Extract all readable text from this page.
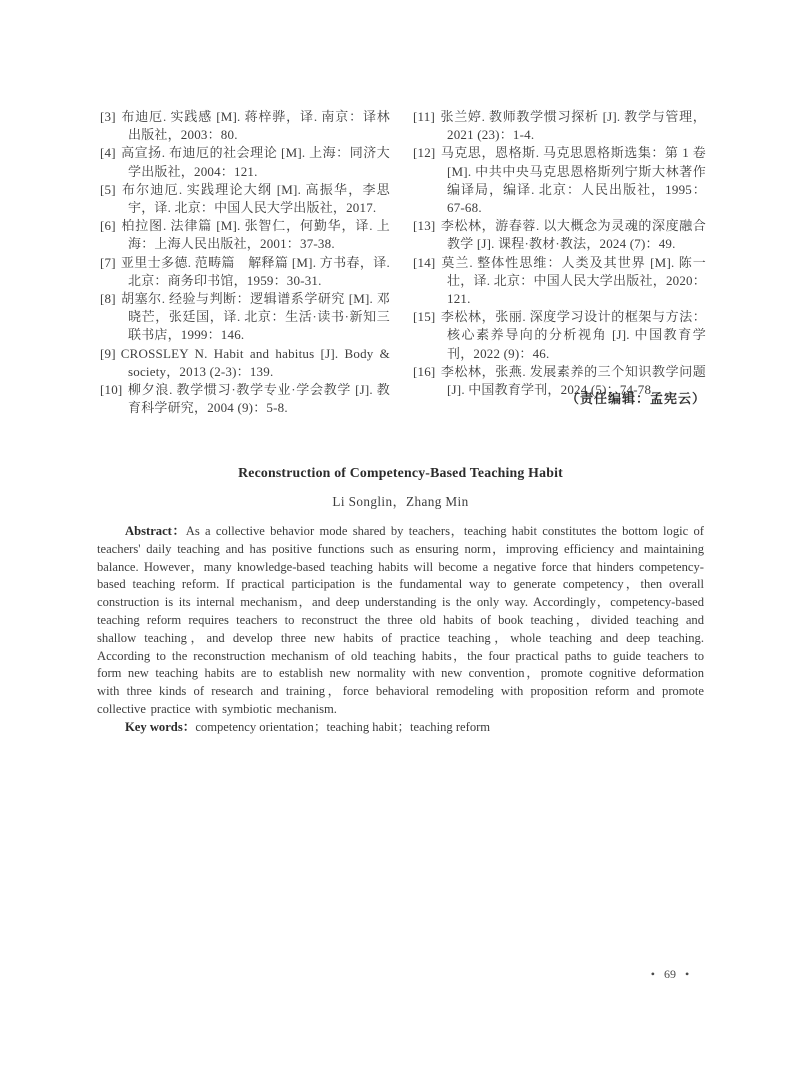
[3] 布迪厄. 实践感 [M]. 蒋梓骅，译. 南京：译林出版社，2003：80.
[4] 高宣扬. 布迪厄的社会理论 [M]. 上海：同济大学出版社，2004：121.
[5] 布尔迪厄. 实践理论大纲 [M]. 高振华，李思宇，译. 北京：中国人民大学出版社，2017.
[6] 柏拉图. 法律篇 [M]. 张智仁，何勤华，译. 上海：上海人民出版社，2001：37-38.
[7] 亚里士多德. 范畴篇　解释篇 [M]. 方书春，译. 北京：商务印书馆，1959：30-31.
[8] 胡塞尔. 经验与判断：逻辑谱系学研究 [M]. 邓晓芒，张廷国，译. 北京：生活·读书·新知三联书店，1999：146.
[9] CROSSLEY N. Habit and habitus [J]. Body & society，2013 (2-3)：139.
[10] 柳夕浪. 教学惯习·教学专业·学会教学 [J]. 教育科学研究，2004 (9)：5-8.
[11] 张兰婷. 教师教学惯习探析 [J]. 教学与管理，2021 (23)：1-4.
[12] 马克思，恩格斯. 马克思恩格斯选集：第 1 卷 [M]. 中共中央马克思恩格斯列宁斯大林著作编译局，编译. 北京：人民出版社，1995：67-68.
[13] 李松林，游春蓉. 以大概念为灵魂的深度融合教学 [J]. 课程·教材·教法，2024 (7)：49.
[14] 莫兰. 整体性思维：人类及其世界 [M]. 陈一壮，译. 北京：中国人民大学出版社，2020：121.
[15] 李松林，张丽. 深度学习设计的框架与方法：核心素养导向的分析视角 [J]. 中国教育学刊，2022 (9)：46.
[16] 李松林，张燕. 发展素养的三个知识教学问题 [J]. 中国教育学刊，2024 (5)：74-78.
（责任编辑：孟宪云）
Reconstruction of Competency-Based Teaching Habit
Li Songlin，Zhang Min

Abstract：As a collective behavior mode shared by teachers，teaching habit constitutes the bottom logic of teachers' daily teaching and has positive functions such as ensuring norm，improving efficiency and maintaining balance. However，many knowledge-based teaching habits will become a negative force that hinders competency-based teaching reform. If practical participation is the fundamental way to generate competency，then overall construction is its internal mechanism，and deep understanding is the only way. Accordingly，competency-based teaching reform requires teachers to reconstruct the three old habits of book teaching，divided teaching and shallow teaching，and develop three new habits of practice teaching，whole teaching and deep teaching. According to the reconstruction mechanism of old teaching habits，the four practical paths to guide teachers to form new teaching habits are to establish new normality with new convention，promote cognitive deformation with three kinds of research and training，force behavioral remodeling with proposition reform and promote collective practice with symbiotic mechanism.

Key words：competency orientation；teaching habit；teaching reform

• 69 •
